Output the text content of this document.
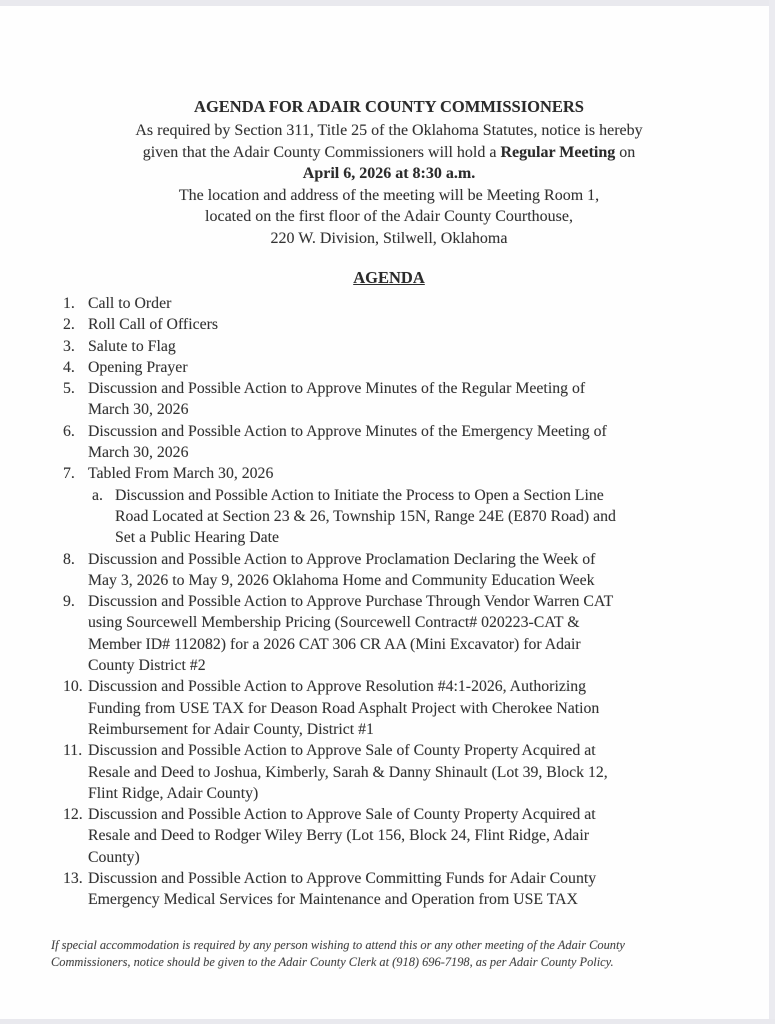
AGENDA FOR ADAIR COUNTY COMMISSIONERS

As required by Section 311, Title 25 of the Oklahoma Statutes, notice is hereby
given that the Adair County Commissioners will hold a Regular Meeting on
April 6, 2026 at 8:30 a.m.

The location and address of the meeting will be Meeting Room 1,
located on the first floor of the Adair County Courthouse,
220 W. Division, Stilwell, Oklahoma

AGENDA
1. Call to Order
2. Roll Call of Officers
3. Salute to Flag
4. Opening Prayer
5. Discussion and Possible Action to Approve Minutes of the Regular Meeting of
March 30, 2026
6. Discussion and Possible Action to Approve Minutes of the Emergency Meeting of
March 30, 2026
7. Tabled From March 30, 2026
a. Discussion and Possible Action to Initiate the Process to Open a Section Line
Road Located at Section 23 & 26, Township 15N, Range 24E (E870 Road) and
Set a Public Hearing Date
8. Discussion and Possible Action to Approve Proclamation Declaring the Week of
May 3, 2026 to May 9, 2026 Oklahoma Home and Community Education Week
9. Discussion and Possible Action to Approve Purchase Through Vendor Warren CAT
using Sourcewell Membership Pricing (Sourcewell Contract# 020223-CAT &
Member ID# 112082) for a 2026 CAT 306 CR AA (Mini Excavator) for Adair
County District #2
10. Discussion and Possible Action to Approve Resolution #4:1-2026, Authorizing
Funding from USE TAX for Deason Road Asphalt Project with Cherokee Nation
Reimbursement for Adair County, District #1
11. Discussion and Possible Action to Approve Sale of County Property Acquired at
Resale and Deed to Joshua, Kimberly, Sarah & Danny Shinault (Lot 39, Block 12,
Flint Ridge, Adair County)
12. Discussion and Possible Action to Approve Sale of County Property Acquired at
Resale and Deed to Rodger Wiley Berry (Lot 156, Block 24, Flint Ridge, Adair
County)
13. Discussion and Possible Action to Approve Committing Funds for Adair County
Emergency Medical Services for Maintenance and Operation from USE TAX

If special accommodation is required by any person wishing to attend this or any other meeting of the Adair County
Commissioners, notice should be given to the Adair County Clerk at (918) 696-7198, as per Adair County Policy.
